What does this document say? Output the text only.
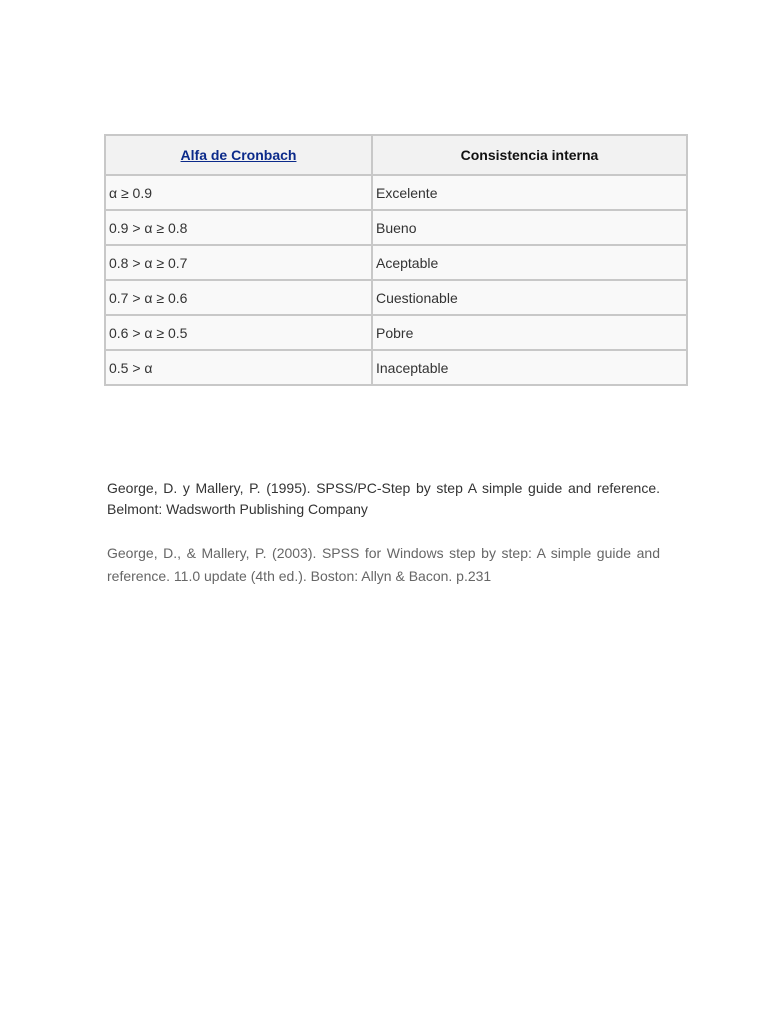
Alfa de Cronbach	Consistencia interna
α ≥ 0.9	Excelente
0.9 > α ≥ 0.8	Bueno
0.8 > α ≥ 0.7	Aceptable
0.7 > α ≥ 0.6	Cuestionable
0.6 > α ≥ 0.5	Pobre
0.5 > α	Inaceptable

George, D. y Mallery, P. (1995). SPSS/PC-Step by step A simple guide and reference. Belmont: Wadsworth Publishing Company

George, D., & Mallery, P. (2003). SPSS for Windows step by step: A simple guide and reference. 11.0 update (4th ed.). Boston: Allyn & Bacon. p.231
